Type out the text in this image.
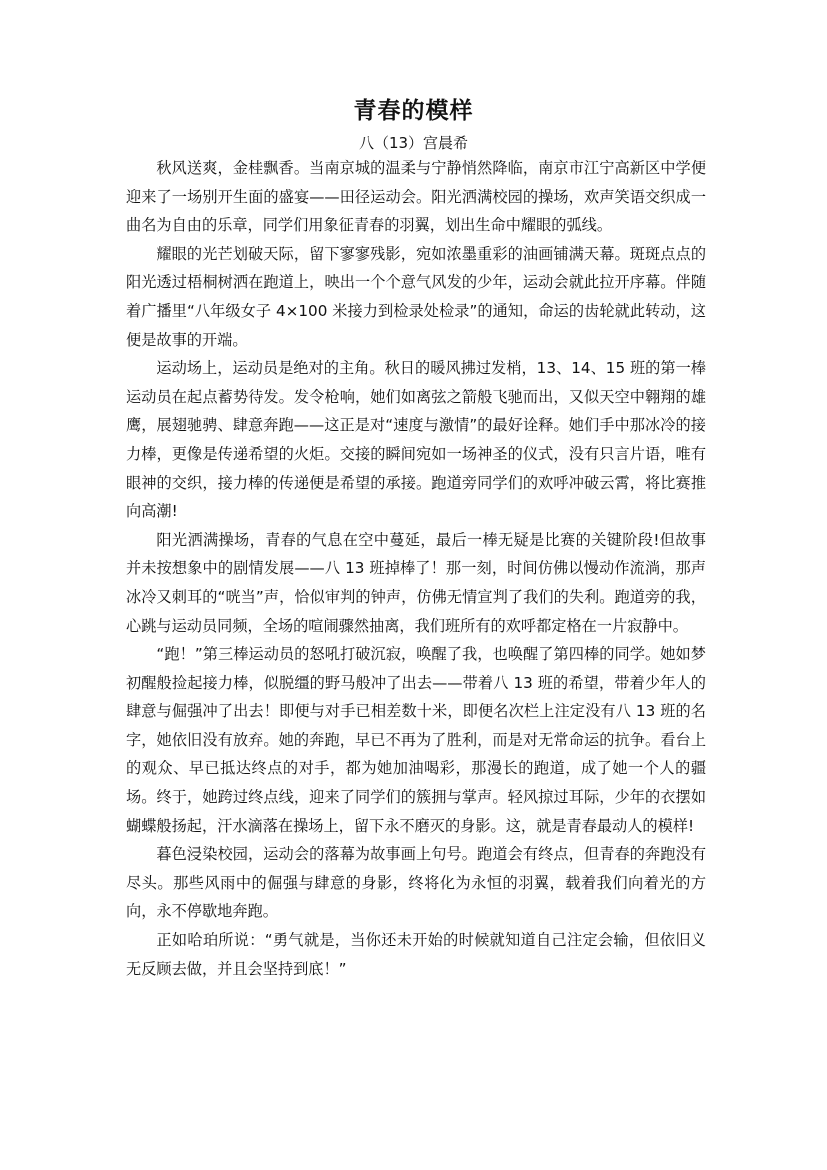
青春的模样
八（13）宫晨希

秋风送爽，金桂飘香。当南京城的温柔与宁静悄然降临，南京市江宁高新区中学便迎来了一场别开生面的盛宴——田径运动会。阳光洒满校园的操场，欢声笑语交织成一曲名为自由的乐章，同学们用象征青春的羽翼，划出生命中耀眼的弧线。

耀眼的光芒划破天际，留下寥寥残影，宛如浓墨重彩的油画铺满天幕。斑斑点点的阳光透过梧桐树洒在跑道上，映出一个个意气风发的少年，运动会就此拉开序幕。伴随着广播里“八年级女子 4×100 米接力到检录处检录”的通知，命运的齿轮就此转动，这便是故事的开端。

运动场上，运动员是绝对的主角。秋日的暖风拂过发梢，13、14、15 班的第一棒运动员在起点蓄势待发。发令枪响，她们如离弦之箭般飞驰而出，又似天空中翱翔的雄鹰，展翅驰骋、肆意奔跑——这正是对“速度与激情”的最好诠释。她们手中那冰冷的接力棒，更像是传递希望的火炬。交接的瞬间宛如一场神圣的仪式，没有只言片语，唯有眼神的交织，接力棒的传递便是希望的承接。跑道旁同学们的欢呼冲破云霄，将比赛推向高潮!

阳光洒满操场，青春的气息在空中蔓延，最后一棒无疑是比赛的关键阶段!但故事并未按想象中的剧情发展——八 13 班掉棒了！那一刻，时间仿佛以慢动作流淌，那声冰冷又刺耳的“咣当”声，恰似审判的钟声，仿佛无情宣判了我们的失利。跑道旁的我，心跳与运动员同频，全场的喧闹骤然抽离，我们班所有的欢呼都定格在一片寂静中。

“跑！”第三棒运动员的怒吼打破沉寂，唤醒了我，也唤醒了第四棒的同学。她如梦初醒般捡起接力棒，似脱缰的野马般冲了出去——带着八 13 班的希望，带着少年人的肆意与倔强冲了出去！即便与对手已相差数十米，即便名次栏上注定没有八 13 班的名字，她依旧没有放弃。她的奔跑，早已不再为了胜利，而是对无常命运的抗争。看台上的观众、早已抵达终点的对手，都为她加油喝彩，那漫长的跑道，成了她一个人的疆场。终于，她跨过终点线，迎来了同学们的簇拥与掌声。轻风掠过耳际，少年的衣摆如蝴蝶般扬起，汗水滴落在操场上，留下永不磨灭的身影。这，就是青春最动人的模样!

暮色浸染校园，运动会的落幕为故事画上句号。跑道会有终点，但青春的奔跑没有尽头。那些风雨中的倔强与肆意的身影，终将化为永恒的羽翼，载着我们向着光的方向，永不停歇地奔跑。

正如哈珀所说：“勇气就是，当你还未开始的时候就知道自己注定会输，但依旧义无反顾去做，并且会坚持到底！”
